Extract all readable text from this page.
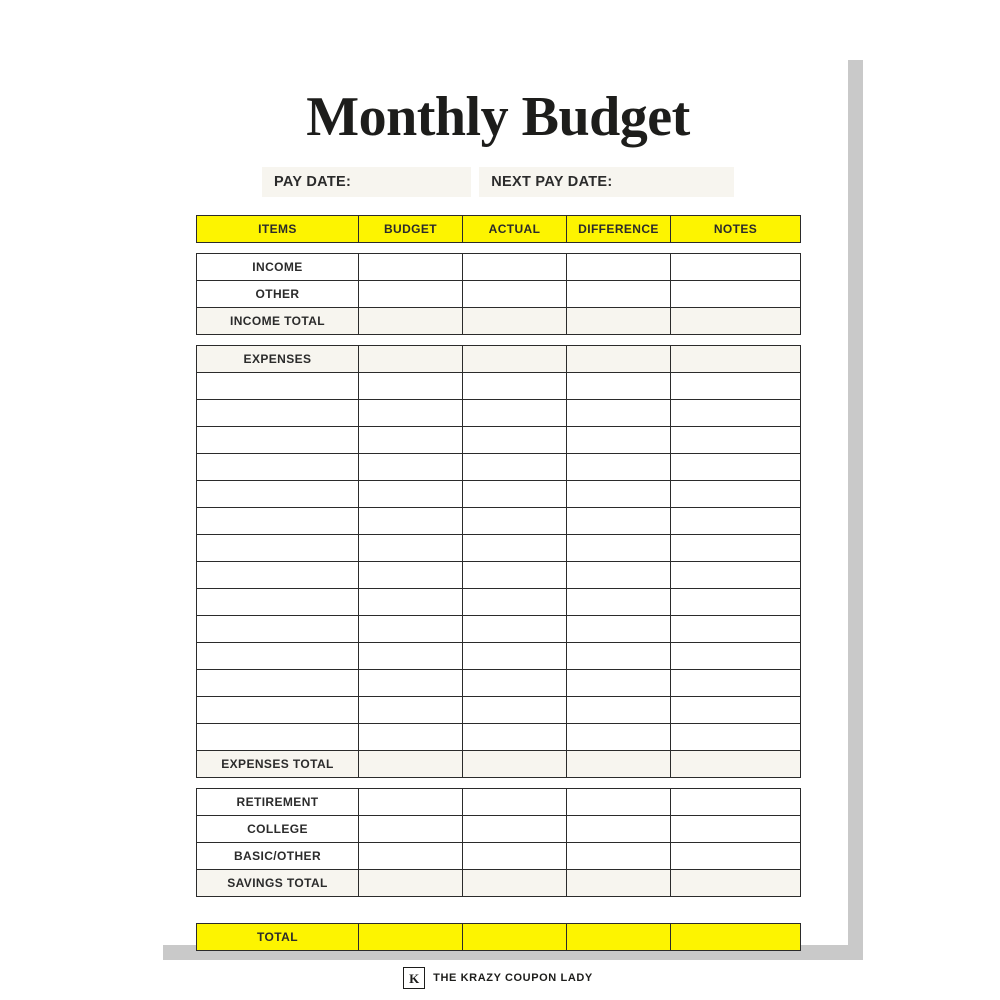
Monthly Budget
PAY DATE:	NEXT PAY DATE:
ITEMS	BUDGET	ACTUAL	DIFFERENCE	NOTES
INCOME				
OTHER				
INCOME TOTAL				
EXPENSES				

EXPENSES TOTAL				
RETIREMENT				
COLLEGE				
BASIC/OTHER				
SAVINGS TOTAL				
TOTAL				
K THE KRAZY COUPON LADY
